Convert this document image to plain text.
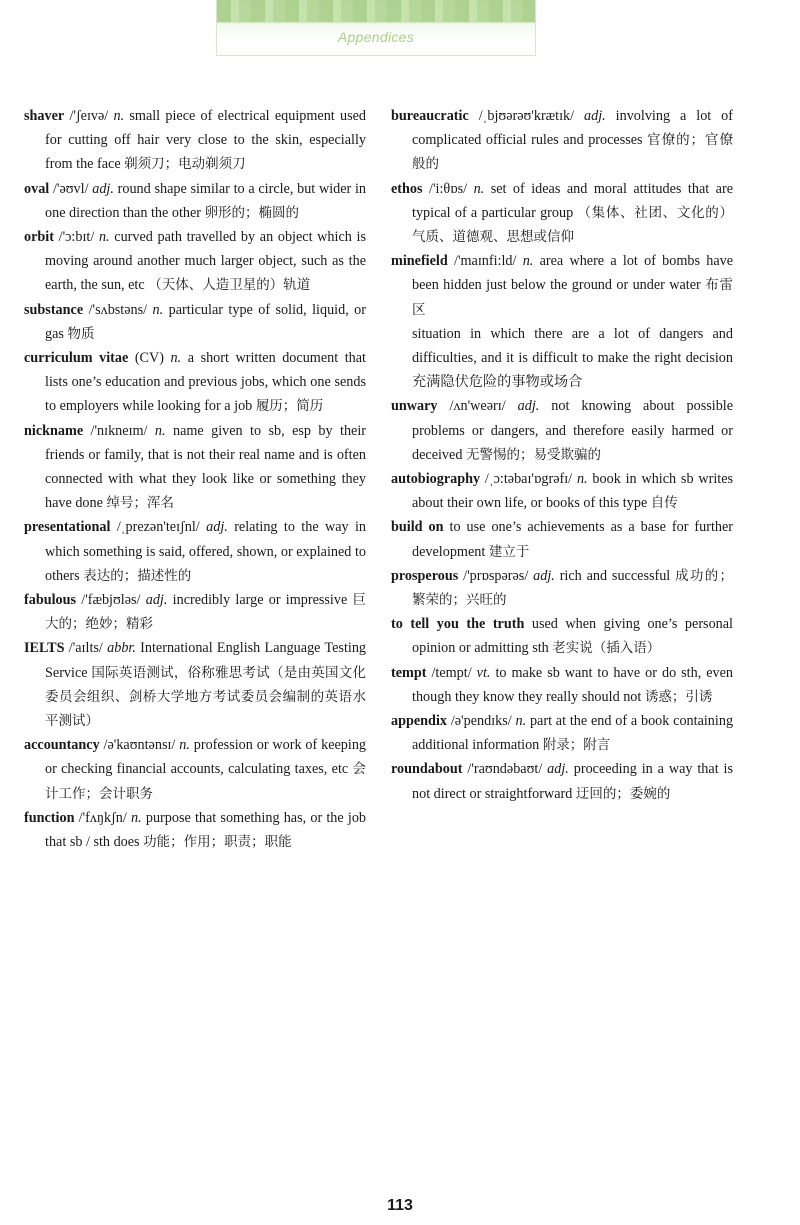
Appendices
shaver /'ʃeɪvə/ n. small piece of electrical equipment used for cutting off hair very close to the skin, especially from the face 剃须刀；电动剃须刀
oval /'əʊvl/ adj. round shape similar to a circle, but wider in one direction than the other 卵形的；椭圆的
orbit /'ɔ:bɪt/ n. curved path travelled by an object which is moving around another much larger object, such as the earth, the sun, etc （天体、人造卫星的）轨道
substance /'sʌbstəns/ n. particular type of solid, liquid, or gas 物质
curriculum vitae (CV) n. a short written document that lists one’s education and previous jobs, which one sends to employers while looking for a job 履历；简历
nickname /'nɪkneɪm/ n. name given to sb, esp by their friends or family, that is not their real name and is often connected with what they look like or something they have done 绰号；浑名
presentational /ˌprezən'teɪʃnl/ adj. relating to the way in which something is said, offered, shown, or explained to others 表达的；描述性的
fabulous /'fæbjʊləs/ adj. incredibly large or impressive 巨大的；绝妙；精彩
IELTS /'aɪlts/ abbr. International English Language Testing Service 国际英语测试，俗称雅思考试（是由英国文化委员会组织、剑桥大学地方考试委员会编制的英语水平测试）
accountancy /ə'kaʊntənsɪ/ n. profession or work of keeping or checking financial accounts, calculating taxes, etc 会计工作；会计职务
function /'fʌŋkʃn/ n. purpose that something has, or the job that sb / sth does 功能；作用；职责；职能
bureaucratic /ˌbjʊərəʊ'krætɪk/ adj. involving a lot of complicated official rules and processes 官僚的；官僚般的
ethos /'i:θɒs/ n. set of ideas and moral attitudes that are typical of a particular group （集体、社团、文化的）气质、道德观、思想或信仰
minefield /'maɪnfi:ld/ n. area where a lot of bombs have been hidden just below the ground or under water 布雷区
situation in which there are a lot of dangers and difficulties, and it is difficult to make the right decision 充满隐伏危险的事物或场合
unwary /ʌn'weərɪ/ adj. not knowing about possible problems or dangers, and therefore easily harmed or deceived 无警惕的；易受欺骗的
autobiography /ˌɔ:təbaɪ'ɒgrəfɪ/ n. book in which sb writes about their own life, or books of this type 自传
build on to use one’s achievements as a base for further development 建立于
prosperous /'prɒspərəs/ adj. rich and successful 成功的；繁荣的；兴旺的
to tell you the truth used when giving one’s personal opinion or admitting sth 老实说（插入语）
tempt /tempt/ vt. to make sb want to have or do sth, even though they know they really should not 诱惑；引诱
appendix /ə'pendɪks/ n. part at the end of a book containing additional information 附录；附言
roundabout /'raʊndəbaʊt/ adj. proceeding in a way that is not direct or straightforward 迂回的；委婉的
113
